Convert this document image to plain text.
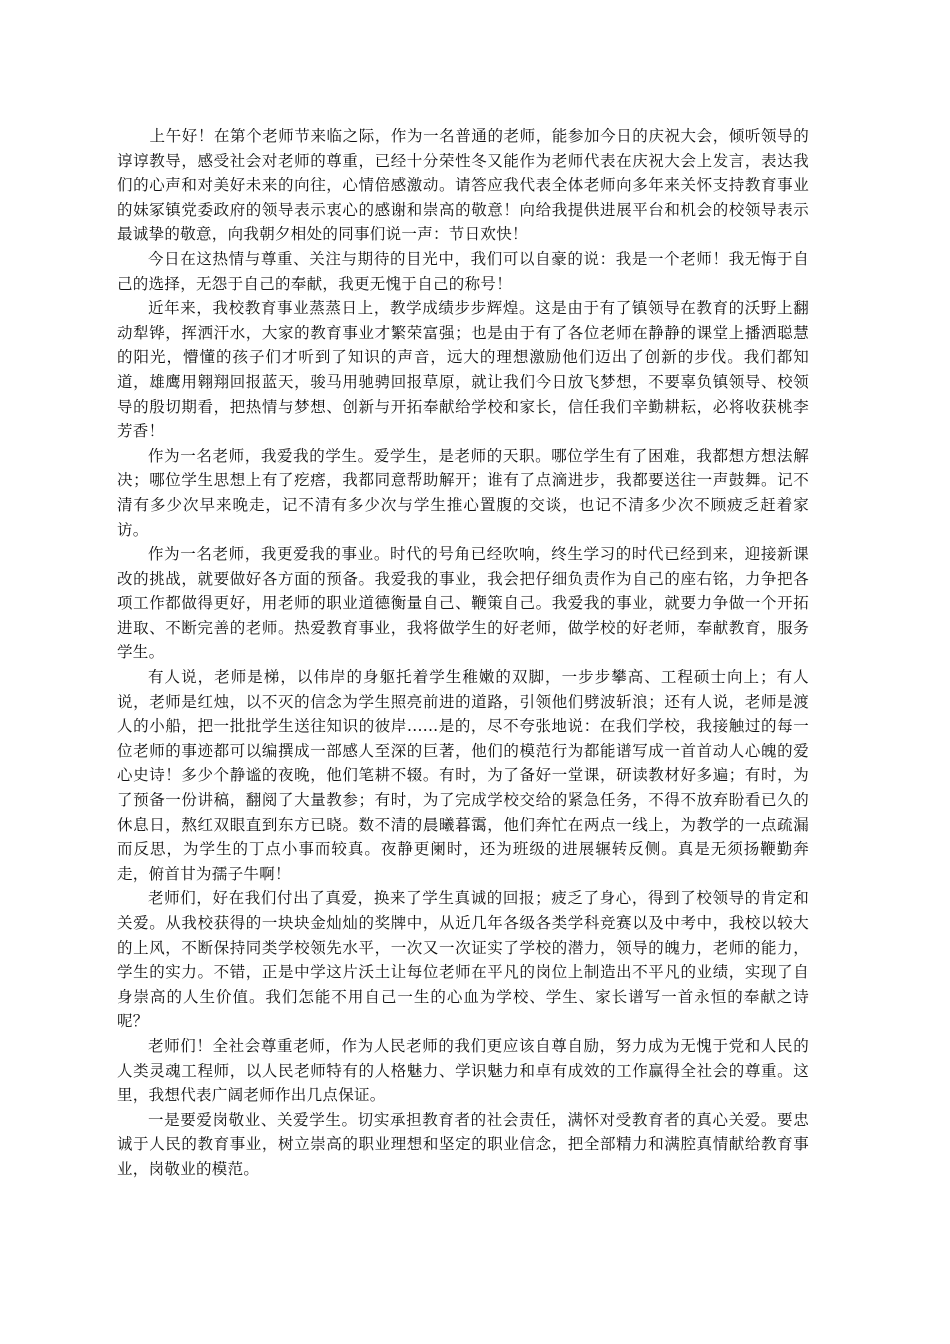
上午好！在第个老师节来临之际，作为一名普通的老师，能参加今日的庆祝大会，倾听领导的谆谆教导，感受社会对老师的尊重，已经十分荣性冬又能作为老师代表在庆祝大会上发言，表达我们的心声和对美好未来的向往，心情倍感激动。请答应我代表全体老师向多年来关怀支持教育事业的妹冢镇党委政府的领导表示衷心的感谢和崇高的敬意！向给我提供进展平台和机会的校领导表示最诚挚的敬意，向我朝夕相处的同事们说一声：节日欢快！

今日在这热情与尊重、关注与期待的目光中，我们可以自豪的说：我是一个老师！我无悔于自己的选择，无怨于自己的奉献，我更无愧于自己的称号！

近年来，我校教育事业蒸蒸日上，教学成绩步步辉煌。这是由于有了镇领导在教育的沃野上翻动犁铧，挥洒汗水，大家的教育事业才繁荣富强；也是由于有了各位老师在静静的课堂上播洒聪慧的阳光，懵懂的孩子们才听到了知识的声音，远大的理想激励他们迈出了创新的步伐。我们都知道，雄鹰用翱翔回报蓝天，骏马用驰骋回报草原，就让我们今日放飞梦想，不要辜负镇领导、校领导的殷切期看，把热情与梦想、创新与开拓奉献给学校和家长，信任我们辛勤耕耘，必将收获桃李芳香！

作为一名老师，我爱我的学生。爱学生，是老师的天职。哪位学生有了困难，我都想方想法解决；哪位学生思想上有了疙瘩，我都同意帮助解开；谁有了点滴进步，我都要送往一声鼓舞。记不清有多少次早来晚走，记不清有多少次与学生推心置腹的交谈，也记不清多少次不顾疲乏赶着家访。

作为一名老师，我更爱我的事业。时代的号角已经吹响，终生学习的时代已经到来，迎接新课改的挑战，就要做好各方面的预备。我爱我的事业，我会把仔细负责作为自己的座右铭，力争把各项工作都做得更好，用老师的职业道德衡量自己、鞭策自己。我爱我的事业，就要力争做一个开拓进取、不断完善的老师。热爱教育事业，我将做学生的好老师，做学校的好老师，奉献教育，服务学生。

有人说，老师是梯，以伟岸的身躯托着学生稚嫩的双脚，一步步攀高、工程硕士向上；有人说，老师是红烛，以不灭的信念为学生照亮前进的道路，引领他们劈波斩浪；还有人说，老师是渡人的小船，把一批批学生送往知识的彼岸......是的，尽不夸张地说：在我们学校，我接触过的每一位老师的事迹都可以编撰成一部感人至深的巨著，他们的模范行为都能谱写成一首首动人心魄的爱心史诗！多少个静谧的夜晚，他们笔耕不辍。有时，为了备好一堂课，研读教材好多遍；有时，为了预备一份讲稿，翻阅了大量教参；有时，为了完成学校交给的紧急任务，不得不放弃盼看已久的休息日，熬红双眼直到东方已晓。数不清的晨曦暮霭，他们奔忙在两点一线上，为教学的一点疏漏而反思，为学生的丁点小事而较真。夜静更阑时，还为班级的进展辗转反侧。真是无须扬鞭勤奔走，俯首甘为孺子牛啊！

老师们，好在我们付出了真爱，换来了学生真诚的回报；疲乏了身心，得到了校领导的肯定和关爱。从我校获得的一块块金灿灿的奖牌中，从近几年各级各类学科竞赛以及中考中，我校以较大的上风，不断保持同类学校领先水平，一次又一次证实了学校的潜力，领导的魄力，老师的能力，学生的实力。不错，正是中学这片沃土让每位老师在平凡的岗位上制造出不平凡的业绩，实现了自身崇高的人生价值。我们怎能不用自己一生的心血为学校、学生、家长谱写一首永恒的奉献之诗呢？

老师们！全社会尊重老师，作为人民老师的我们更应该自尊自励，努力成为无愧于党和人民的人类灵魂工程师，以人民老师特有的人格魅力、学识魅力和卓有成效的工作赢得全社会的尊重。这里，我想代表广阔老师作出几点保证。

一是要爱岗敬业、关爱学生。切实承担教育者的社会责任，满怀对受教育者的真心关爱。要忠诚于人民的教育事业，树立崇高的职业理想和坚定的职业信念，把全部精力和满腔真情献给教育事业，岗敬业的模范。
